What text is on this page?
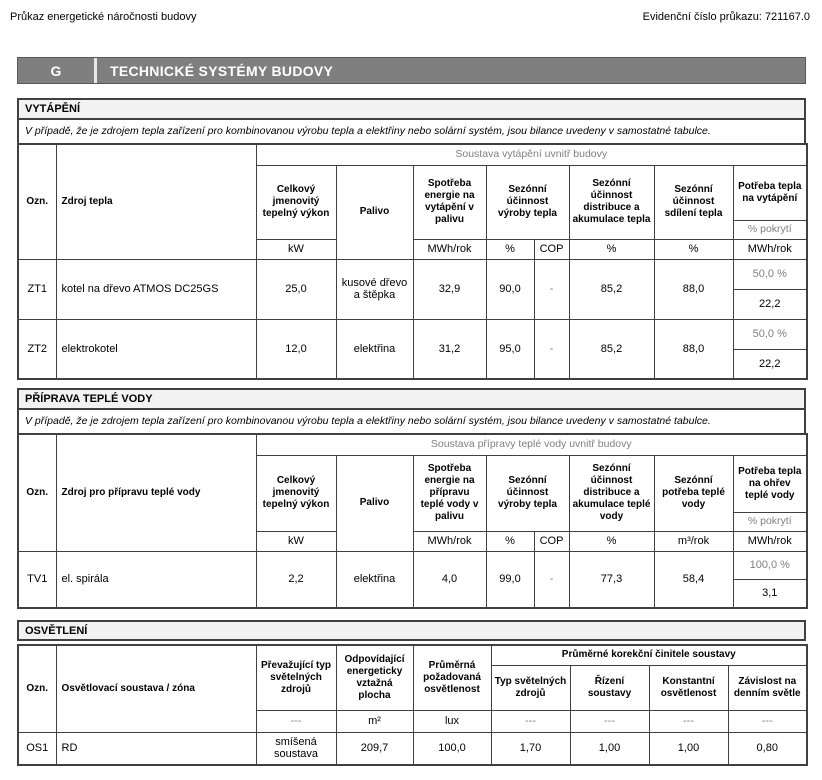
Průkaz energetické náročnosti budovy	Evidenční číslo průkazu: 721167.0
G	TECHNICKÉ SYSTÉMY BUDOVY
VYTÁPĚNÍ
V případě, že je zdrojem tepla zařízení pro kombinovanou výrobu tepla a elektřiny nebo solární systém, jsou bilance uvedeny v samostatné tabulce.
Ozn.	Zdroj tepla	Soustava vytápění uvnitř budovy							
		Celkový jmenovitý tepelný výkon	Palivo	Spotřeba energie na vytápění v palivu	Sezónní účinnost výroby tepla		Sezónní účinnost distribuce a akumulace tepla	Sezónní účinnost sdílení tepla	Potřeba tepla na vytápění
									% pokrytí
		kW		MWh/rok	%	COP	%	%	MWh/rok
ZT1	kotel na dřevo ATMOS DC25GS	25,0	kusové dřevo a štěpka	32,9	90,0	-	85,2	88,0	50,0 %
									22,2
ZT2	elektrokotel	12,0	elektřina	31,2	95,0	-	85,2	88,0	50,0 %
									22,2
PŘÍPRAVA TEPLÉ VODY
V případě, že je zdrojem tepla zařízení pro kombinovanou výrobu tepla a elektřiny nebo solární systém, jsou bilance uvedeny v samostatné tabulce.
Ozn.	Zdroj pro přípravu teplé vody	Soustava přípravy teplé vody uvnitř budovy							
		Celkový jmenovitý tepelný výkon	Palivo	Spotřeba energie na přípravu teplé vody v palivu	Sezónní účinnost výroby tepla		Sezónní účinnost distribuce a akumulace teplé vody	Sezónní potřeba teplé vody	Potřeba tepla na ohřev teplé vody
									% pokrytí
		kW		MWh/rok	%	COP	%	m³/rok	MWh/rok
TV1	el. spirála	2,2	elektřina	4,0	99,0	-	77,3	58,4	100,0 %
									3,1
OSVĚTLENÍ
Ozn.	Osvětlovací soustava / zóna	Převažující typ světelných zdrojů	Odpovídající energeticky vztažná plocha	Průměrná požadovaná osvětlenost	Průměrné korekční činitele soustavy			
					Typ světelných zdrojů	Řízení soustavy	Konstantní osvětlenost	Závislost na denním světle
		---	m²	lux	---	---	---	---
OS1	RD	smíšená soustava	209,7	100,0	1,70	1,00	1,00	0,80
